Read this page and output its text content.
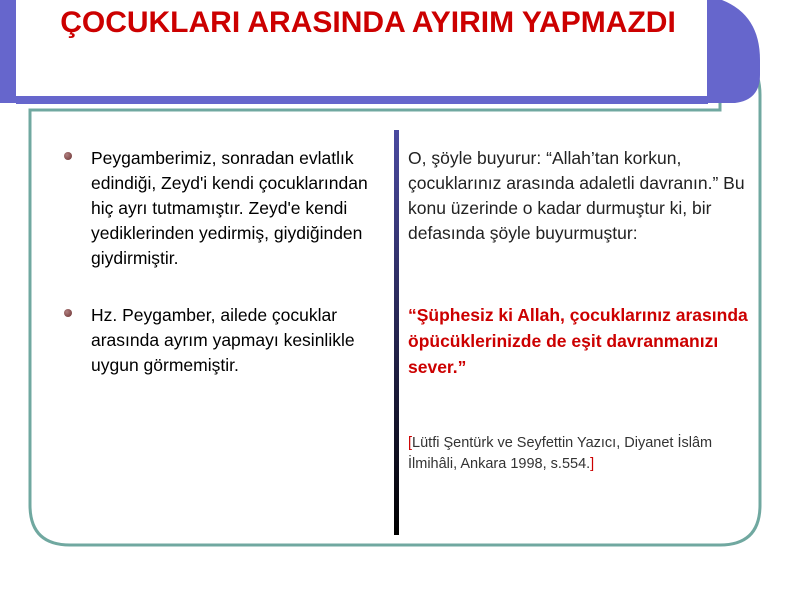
ÇOCUKLARI ARASINDA AYIRIM YAPMAZDI
Peygamberimiz, sonradan evlatlık edindiği, Zeyd'i kendi çocuklarından hiç ayrı tutmamıştır. Zeyd'e kendi yediklerinden yedirmiş, giydiğinden giydirmiştir.
Hz. Peygamber, ailede çocuklar arasında ayrım yapmayı kesinlikle uygun görmemiştir.

O, şöyle buyurur: “Allah’tan korkun, çocuklarınız arasında adaletli davranın.” Bu konu üzerinde o kadar durmuştur ki, bir defasında şöyle buyurmuştur:

“Şüphesiz ki Allah, çocuklarınız arasında öpücüklerinizde de eşit davranmanızı sever.”

[Lütfi Şentürk ve Seyfettin Yazıcı, Diyanet İslâm İlmihâli, Ankara 1998, s.554.]
